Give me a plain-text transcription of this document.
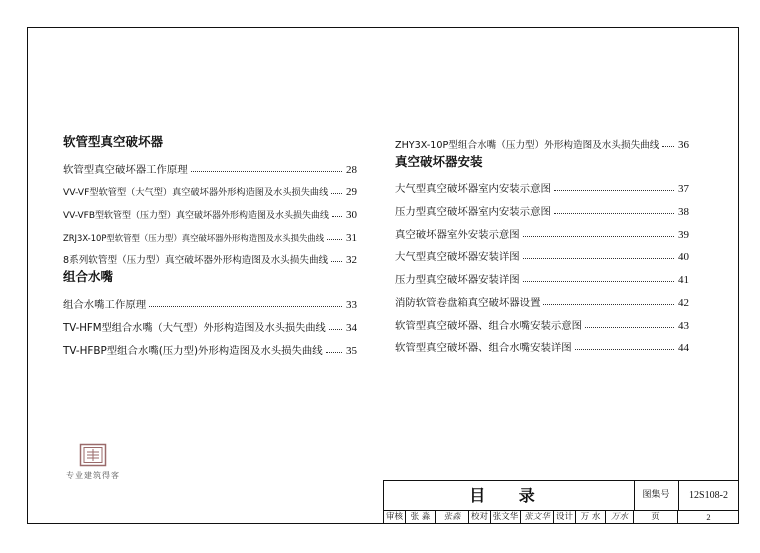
软管型真空破坏器
软管型真空破坏器工作原理	28
VV-VF型软管型（大气型）真空破坏器外形构造图及水头损失曲线 29
VV-VFB型软管型（压力型）真空破坏器外形构造图及水头损失曲线 30
ZRJ3X-10P型软管型（压力型）真空破坏器外形构造图及水头损失曲线 31
8系列软管型（压力型）真空破坏器外形构造图及水头损失曲线 32
组合水嘴
组合水嘴工作原理	33
TV-HFM型组合水嘴（大气型）外形构造图及水头损失曲线 34
TV-HFBP型组合水嘴(压力型)外形构造图及水头损失曲线 35
ZHY3X-10P型组合水嘴（压力型）外形构造图及水头损失曲线 36
真空破坏器安装
大气型真空破坏器室内安装示意图	37
压力型真空破坏器室内安装示意图	38
真空破坏器室外安装示意图	39
大气型真空破坏器安装详图	40
压力型真空破坏器安装详图	41
消防软管卷盘箱真空破坏器设置	42
软管型真空破坏器、组合水嘴安装示意图	43
软管型真空破坏器、组合水嘴安装详图	44
专业建筑得客
目 录	图集号	12S108-2
审核 张 淼	张淼	校对 张文华 张文华 设计 万 水	万水	页	2
